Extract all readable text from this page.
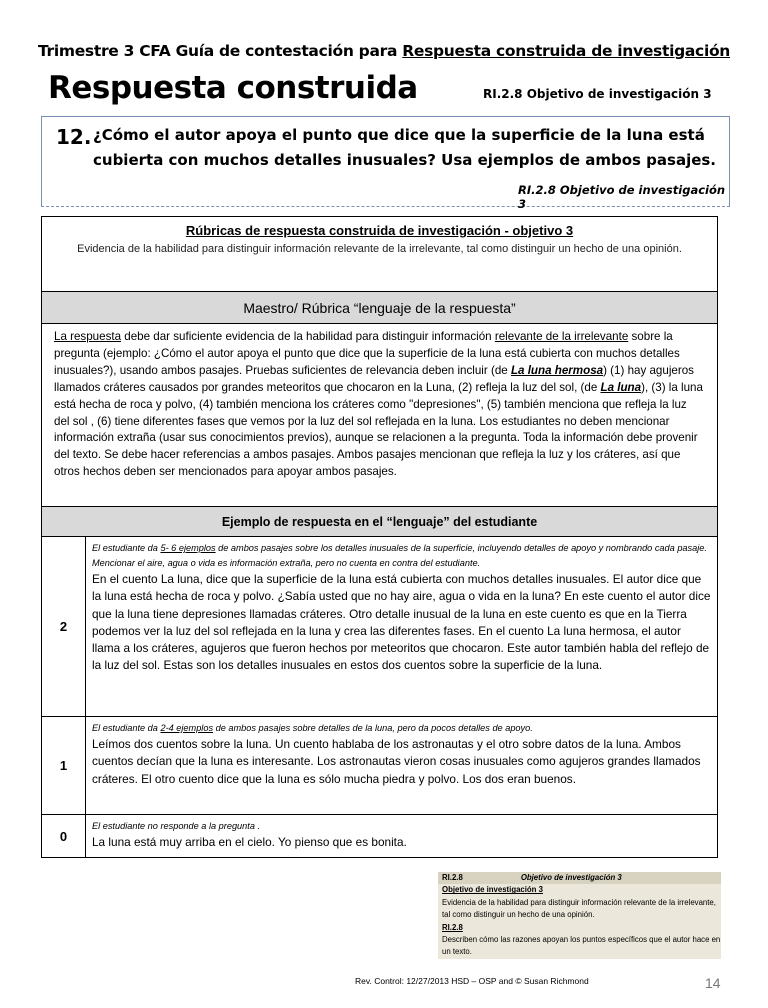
Trimestre 3 CFA Guía de contestación para Respuesta construida de investigación
Respuesta construida	RI.2.8 Objetivo de investigación 3
12. ¿Cómo el autor apoya el punto que dice que la superficie de la luna está cubierta con muchos detalles inusuales? Usa ejemplos de ambos pasajes.
RI.2.8 Objetivo de investigación 3
Rúbricas de respuesta construida de investigación - objetivo 3
Evidencia de la habilidad para distinguir información relevante de la irrelevante, tal como distinguir un hecho de una opinión.	

Maestro/ Rúbrica “lenguaje de la respuesta”	
La respuesta debe dar suficiente evidencia de la habilidad para distinguir información relevante de la irrelevante sobre la pregunta (ejemplo: ¿Cómo el autor apoya el punto que dice que la superficie de la luna está cubierta con muchos detalles inusuales?), usando ambos pasajes. Pruebas suficientes de relevancia deben incluir (de La luna hermosa) (1) hay agujeros llamados cráteres causados por grandes meteoritos que chocaron en la Luna, (2) refleja la luz del sol, (de La luna), (3) la luna está hecha de roca y polvo, (4) también menciona los cráteres como "depresiones", (5) también menciona que refleja la luz del sol , (6) tiene diferentes fases que vemos por la luz del sol reflejada en la luna. Los estudiantes no deben mencionar información extraña (usar sus conocimientos previos), aunque se relacionen a la pregunta. Toda la información debe provenir del texto. Se debe hacer referencias a ambos pasajes. Ambos pasajes mencionan que refleja la luz y los cráteres, así que otros hechos deben ser mencionados para apoyar ambos pasajes.	
Ejemplo de respuesta en el “lenguaje” del estudiante	
2	El estudiante da 5- 6 ejemplos de ambos pasajes sobre los detalles inusuales de la superficie, incluyendo detalles de apoyo y nombrando cada pasaje. Mencionar el aire, agua o vida es información extraña, pero no cuenta en contra del estudiante.
En el cuento La luna, dice que la superficie de la luna está cubierta con muchos detalles inusuales. El autor dice que la luna está hecha de roca y polvo. ¿Sabía usted que no hay aire, agua o vida en la luna? En este cuento el autor dice que la luna tiene depresiones llamadas cráteres. Otro detalle inusual de la luna en este cuento es que en la Tierra podemos ver la luz del sol reflejada en la luna y crea las diferentes fases. En el cuento La luna hermosa, el autor llama a los cráteres, agujeros que fueron hechos por meteoritos que chocaron. Este autor también habla del reflejo de la luz del sol. Estas son los detalles inusuales en estos dos cuentos sobre la superficie de la luna.

1	El estudiante da 2-4 ejemplos de ambos pasajes sobre detalles de la luna, pero da pocos detalles de apoyo.
Leímos dos cuentos sobre la luna. Un cuento hablaba de los astronautas y el otro sobre datos de la luna. Ambos cuentos decían que la luna es interesante. Los astronautas vieron cosas inusuales como agujeros grandes llamados cráteres. El otro cuento dice que la luna es sólo mucha piedra y polvo. Los dos eran buenos.

0	El estudiante no responde a la pregunta .
La luna está muy arriba en el cielo. Yo pienso que es bonita.
RI.2.8	Objetivo de investigación 3
Objetivo de investigación 3
Evidencia de la habilidad para distinguir información relevante de la irrelevante, tal como distinguir un hecho de una opinión.
RI.2.8
Describen cómo las razones apoyan los puntos específicos que el autor hace en un texto.
Rev. Control: 12/27/2013 HSD – OSP and © Susan Richmond	14
